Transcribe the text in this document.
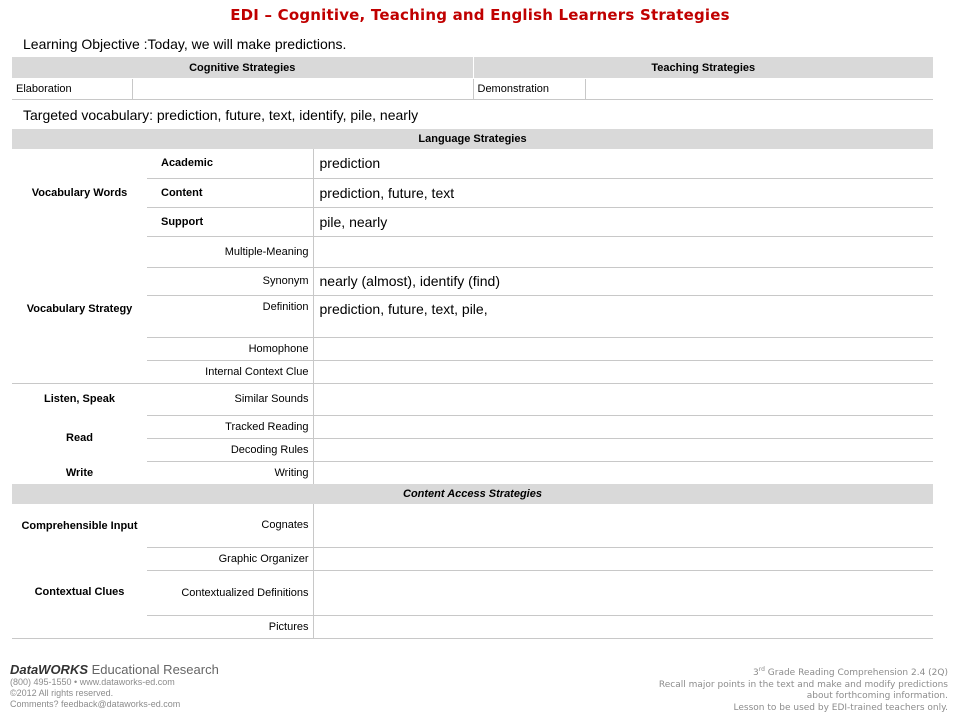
EDI – Cognitive, Teaching and English Learners Strategies
Learning Objective :Today, we will make predictions.
Cognitive Strategies		Teaching Strategies	
Elaboration		Demonstration	
Targeted vocabulary: prediction, future, text, identify, pile, nearly
Language Strategies		
Vocabulary Words	Academic	prediction
	Content	prediction, future, text
	Support	pile, nearly
Vocabulary Strategy	Multiple-Meaning	
	Synonym	nearly (almost), identify (find)
	Definition	prediction, future, text, pile,
	Homophone	
	Internal Context Clue	
Listen, Speak	Similar Sounds	
Read	Tracked Reading	
	Decoding Rules	
Write	Writing	
Content Access Strategies		
Comprehensible Input	Cognates	
Contextual Clues	Graphic Organizer	
	Contextualized Definitions	
	Pictures	
DataWORKS Educational Research
(800) 495-1550 • www.dataworks-ed.com
©2012 All rights reserved.
Comments? feedback@dataworks-ed.com
3rd Grade Reading Comprehension 2.4 (2Q)
Recall major points in the text and make and modify predictions
about forthcoming information.
Lesson to be used by EDI-trained teachers only.
